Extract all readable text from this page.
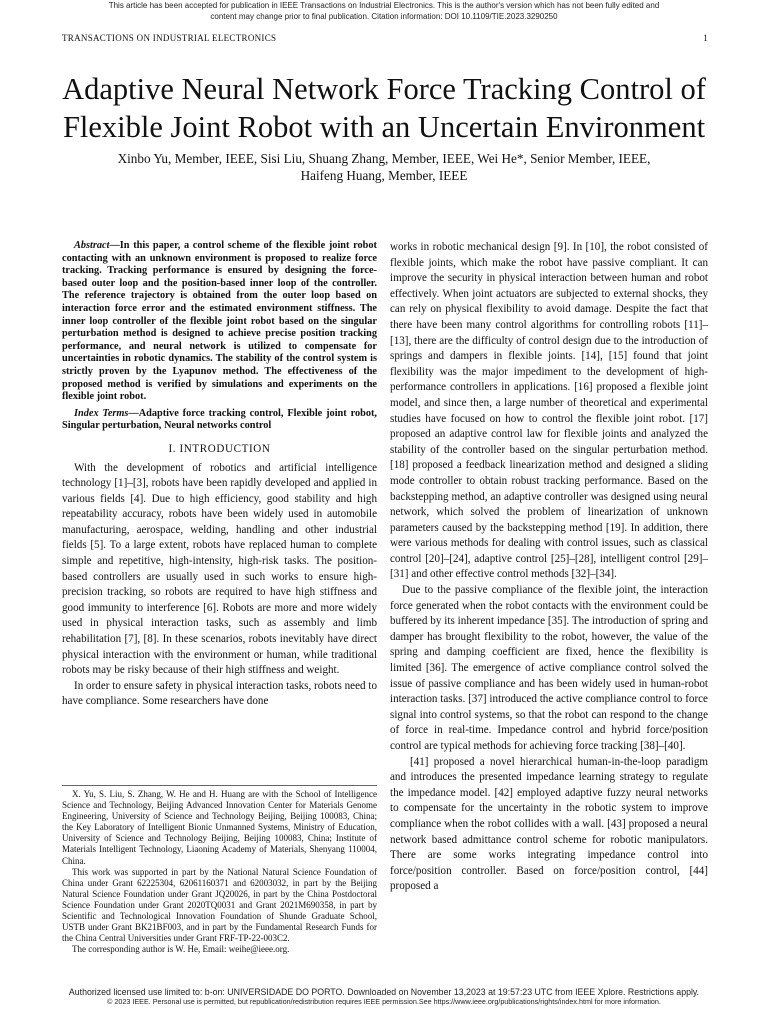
This article has been accepted for publication in IEEE Transactions on Industrial Electronics. This is the author's version which has not been fully edited and
content may change prior to final publication. Citation information: DOI 10.1109/TIE.2023.3290250
TRANSACTIONS ON INDUSTRIAL ELECTRONICS	1
Adaptive Neural Network Force Tracking Control of
Flexible Joint Robot with an Uncertain Environment
Xinbo Yu, Member, IEEE, Sisi Liu, Shuang Zhang, Member, IEEE, Wei He*, Senior Member, IEEE,
Haifeng Huang, Member, IEEE
Abstract—In this paper, a control scheme of the flexible joint robot contacting with an unknown environment is proposed to realize force tracking. Tracking performance is ensured by designing the force-based outer loop and the position-based inner loop of the controller. The reference trajectory is obtained from the outer loop based on interaction force error and the estimated environment stiffness. The inner loop controller of the flexible joint robot based on the singular perturbation method is designed to achieve precise position tracking performance, and neural network is utilized to compensate for uncertainties in robotic dynamics. The stability of the control system is strictly proven by the Lyapunov method. The effectiveness of the proposed method is verified by simulations and experiments on the flexible joint robot.
Index Terms—Adaptive force tracking control, Flexible joint robot, Singular perturbation, Neural networks control
I. INTRODUCTION

With the development of robotics and artificial intelligence technology [1]–[3], robots have been rapidly developed and applied in various fields [4]. Due to high efficiency, good stability and high repeatability accuracy, robots have been widely used in automobile manufacturing, aerospace, welding, handling and other industrial fields [5]. To a large extent, robots have replaced human to complete simple and repetitive, high-intensity, high-risk tasks. The position-based controllers are usually used in such works to ensure high-precision tracking, so robots are required to have high stiffness and good immunity to interference [6]. Robots are more and more widely used in physical interaction tasks, such as assembly and limb rehabilitation [7], [8]. In these scenarios, robots inevitably have direct physical interaction with the environment or human, while traditional robots may be risky because of their high stiffness and weight.

In order to ensure safety in physical interaction tasks, robots need to have compliance. Some researchers have done

X. Yu, S. Liu, S. Zhang, W. He and H. Huang are with the School of Intelligence Science and Technology, Beijing Advanced Innovation Center for Materials Genome Engineering, University of Science and Technology Beijing, Beijing 100083, China; the Key Laboratory of Intelligent Bionic Unmanned Systems, Ministry of Education, University of Science and Technology Beijing, Beijing 100083, China; Institute of Materials Intelligent Technology, Liaoning Academy of Materials, Shenyang 110004, China.

This work was supported in part by the National Natural Science Foundation of China under Grant 62225304, 62061160371 and 62003032, in part by the Beijing Natural Science Foundation under Grant JQ20026, in part by the China Postdoctoral Science Foundation under Grant 2020TQ0031 and Grant 2021M690358, in part by Scientific and Technological Innovation Foundation of Shunde Graduate School, USTB under Grant BK21BF003, and in part by the Fundamental Research Funds for the China Central Universities under Grant FRF-TP-22-003C2.

The corresponding author is W. He, Email: weihe@ieee.org.

works in robotic mechanical design [9]. In [10], the robot consisted of flexible joints, which make the robot have passive compliant. It can improve the security in physical interaction between human and robot effectively. When joint actuators are subjected to external shocks, they can rely on physical flexibility to avoid damage. Despite the fact that there have been many control algorithms for controlling robots [11]–[13], there are the difficulty of control design due to the introduction of springs and dampers in flexible joints. [14], [15] found that joint flexibility was the major impediment to the development of high-performance controllers in applications. [16] proposed a flexible joint model, and since then, a large number of theoretical and experimental studies have focused on how to control the flexible joint robot. [17] proposed an adaptive control law for flexible joints and analyzed the stability of the controller based on the singular perturbation method. [18] proposed a feedback linearization method and designed a sliding mode controller to obtain robust tracking performance. Based on the backstepping method, an adaptive controller was designed using neural network, which solved the problem of linearization of unknown parameters caused by the backstepping method [19]. In addition, there were various methods for dealing with control issues, such as classical control [20]–[24], adaptive control [25]–[28], intelligent control [29]–[31] and other effective control methods [32]–[34].

Due to the passive compliance of the flexible joint, the interaction force generated when the robot contacts with the environment could be buffered by its inherent impedance [35]. The introduction of spring and damper has brought flexibility to the robot, however, the value of the spring and damping coefficient are fixed, hence the flexibility is limited [36]. The emergence of active compliance control solved the issue of passive compliance and has been widely used in human-robot interaction tasks. [37] introduced the active compliance control to force signal into control systems, so that the robot can respond to the change of force in real-time. Impedance control and hybrid force/position control are typical methods for achieving force tracking [38]–[40].

[41] proposed a novel hierarchical human-in-the-loop paradigm and introduces the presented impedance learning strategy to regulate the impedance model. [42] employed adaptive fuzzy neural networks to compensate for the uncertainty in the robotic system to improve compliance when the robot collides with a wall. [43] proposed a neural network based admittance control scheme for robotic manipulators. There are some works integrating impedance control into force/position controller. Based on force/position control, [44] proposed a

Authorized licensed use limited to: b-on: UNIVERSIDADE DO PORTO. Downloaded on November 13,2023 at 19:57:23 UTC from IEEE Xplore. Restrictions apply.
© 2023 IEEE. Personal use is permitted, but republication/redistribution requires IEEE permission.See https://www.ieee.org/publications/rights/index.html for more information.
